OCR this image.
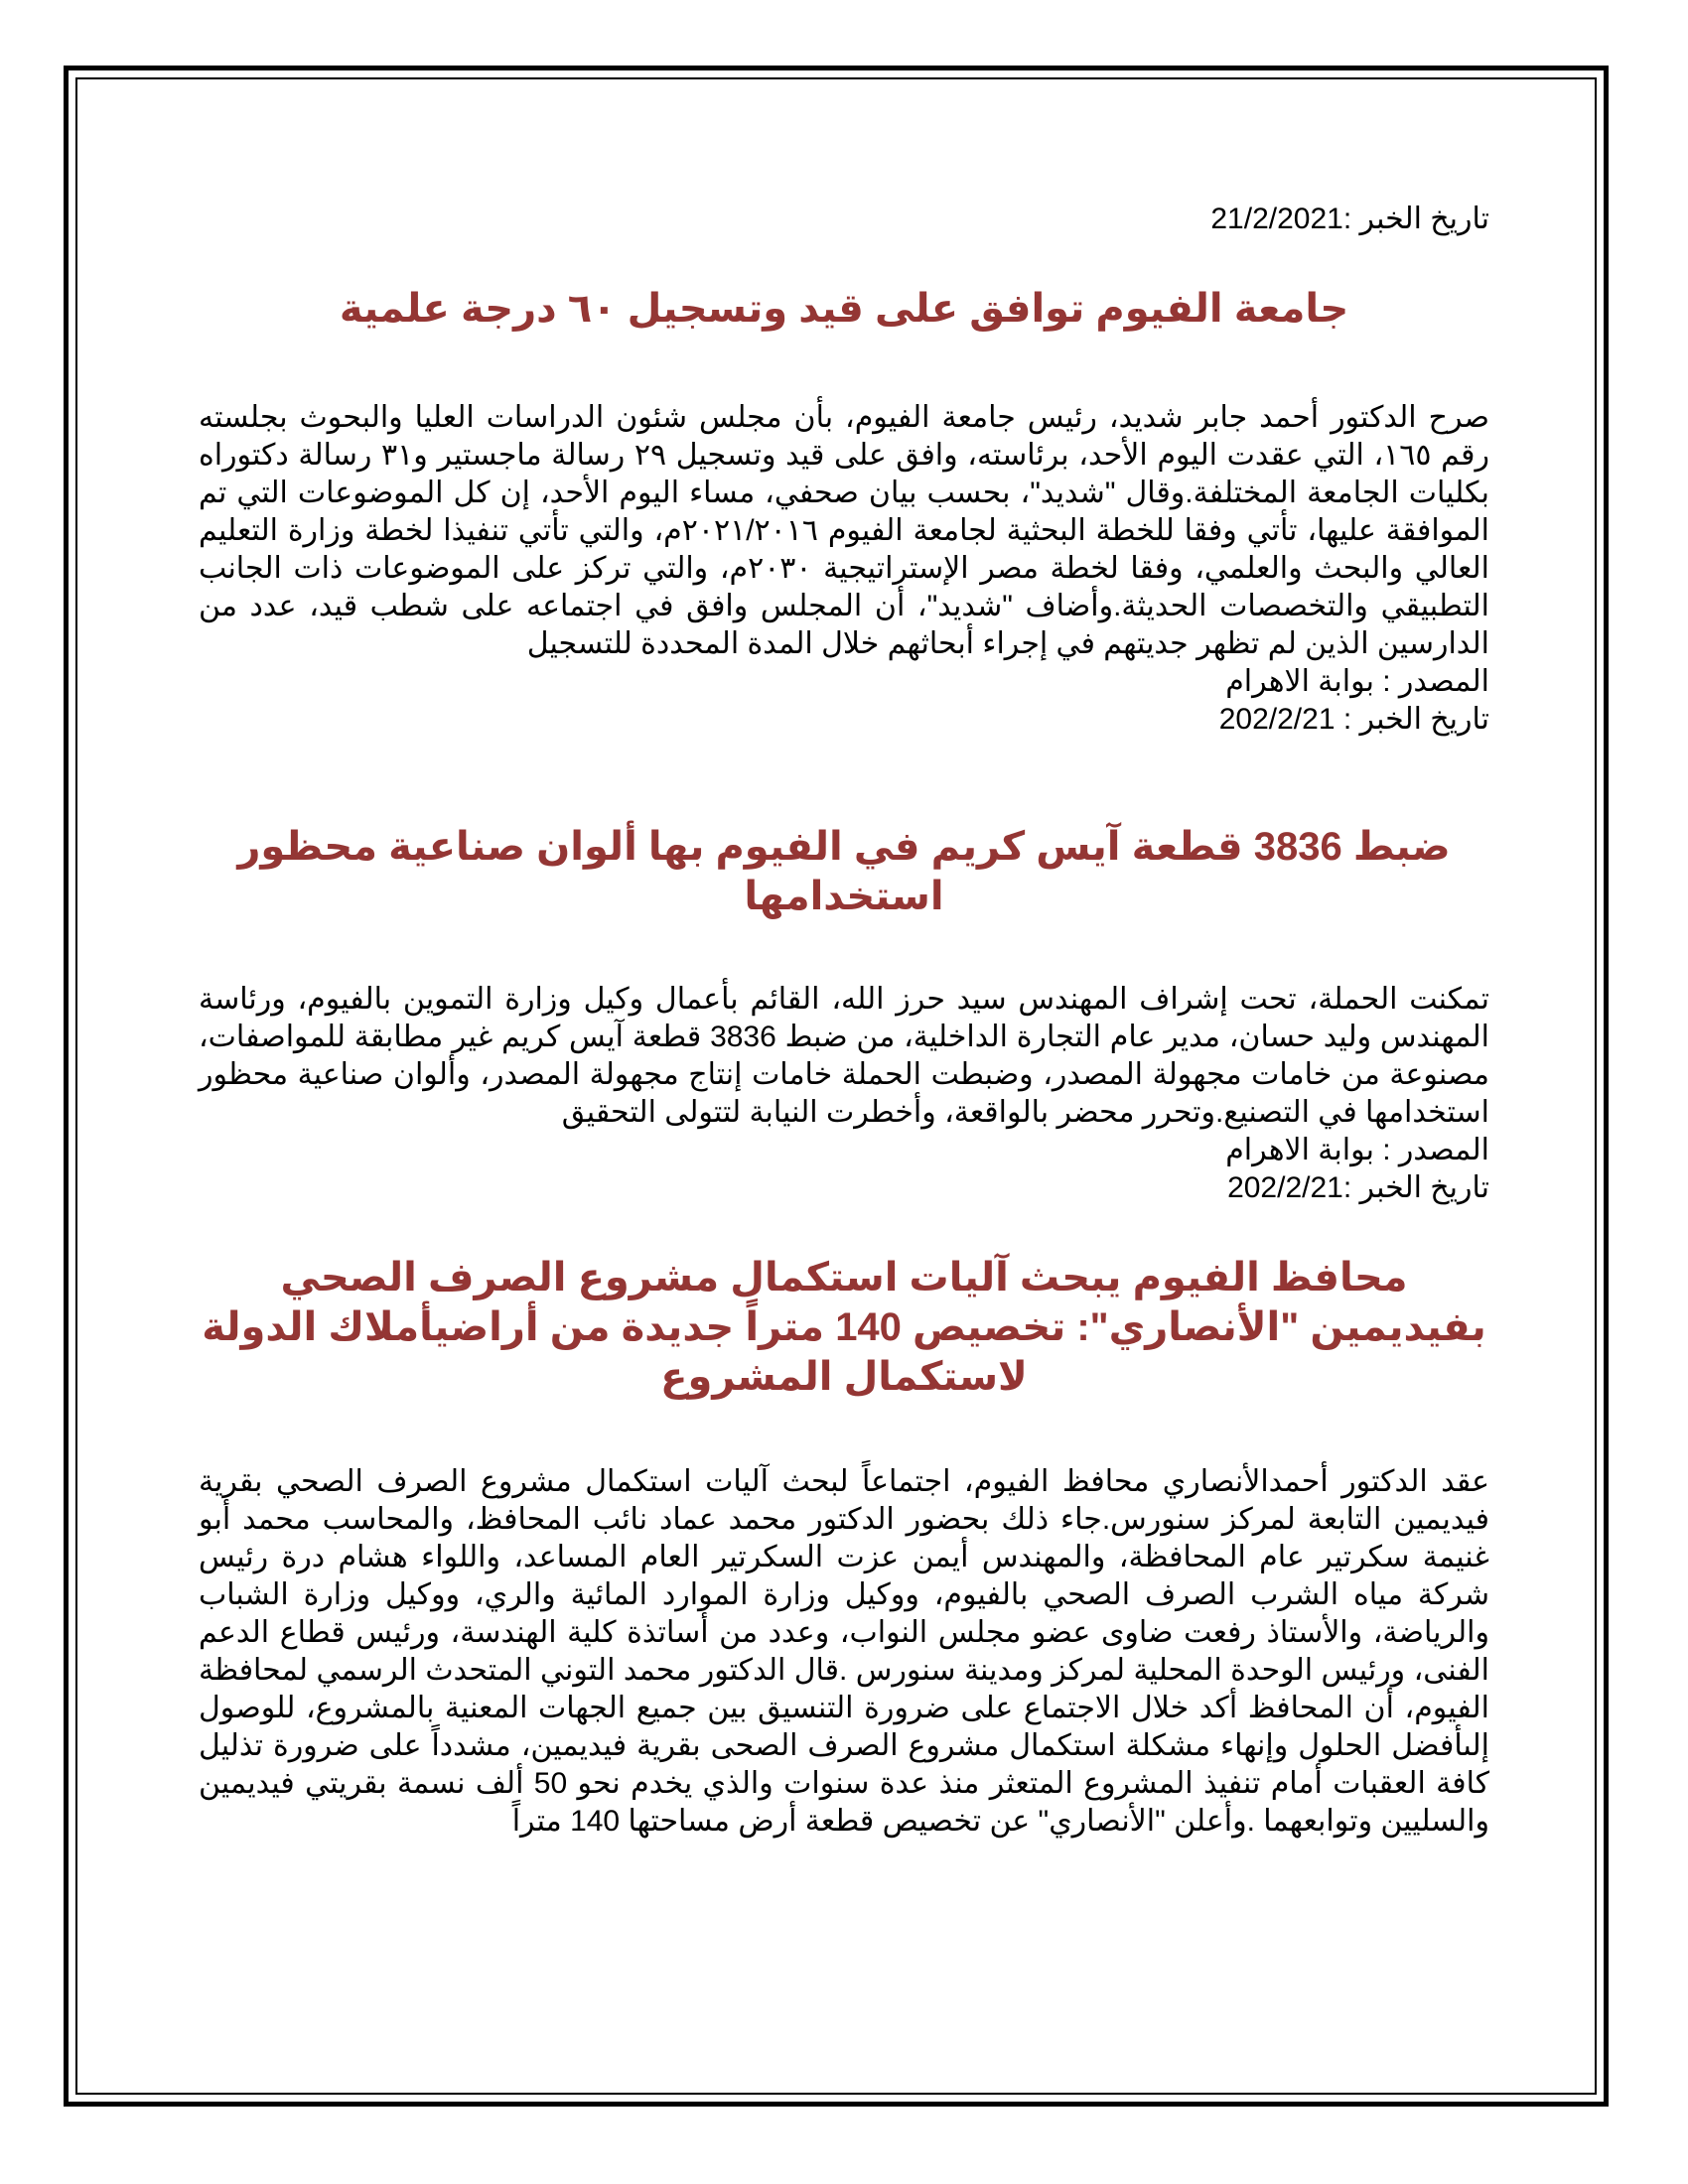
تاريخ الخبر :21/2/2021
جامعة الفيوم توافق على قيد وتسجيل ٦٠ درجة علمية
صرح الدكتور أحمد جابر شديد، رئيس جامعة الفيوم، بأن مجلس شئون الدراسات العليا والبحوث بجلسته رقم ١٦٥، التي عقدت اليوم الأحد، برئاسته، وافق على قيد وتسجيل ٢٩ رسالة ماجستير و٣١ رسالة دكتوراه بكليات الجامعة المختلفة.وقال "شديد"، بحسب بيان صحفي، مساء اليوم الأحد، إن كل الموضوعات التي تم الموافقة عليها، تأتي وفقا للخطة البحثية لجامعة الفيوم ٢٠٢١/٢٠١٦م، والتي تأتي تنفيذا لخطة وزارة التعليم العالي والبحث والعلمي، وفقا لخطة مصر الإستراتيجية ٢٠٣٠م، والتي تركز على الموضوعات ذات الجانب التطبيقي والتخصصات الحديثة.وأضاف "شديد"، أن المجلس وافق في اجتماعه على شطب قيد، عدد من الدارسين الذين لم تظهر جديتهم في إجراء أبحاثهم خلال المدة المحددة للتسجيل
المصدر : بوابة الاهرام
تاريخ الخبر : 202/2/21
ضبط 3836 قطعة آيس كريم في الفيوم بها ألوان صناعية محظور استخدامها
تمكنت الحملة، تحت إشراف المهندس سيد حرز الله، القائم بأعمال وكيل وزارة التموين بالفيوم، ورئاسة المهندس وليد حسان، مدير عام التجارة الداخلية، من ضبط 3836 قطعة آيس كريم غير مطابقة للمواصفات، مصنوعة من خامات مجهولة المصدر، وضبطت الحملة خامات إنتاج مجهولة المصدر، وألوان صناعية محظور استخدامها في التصنيع.وتحرر محضر بالواقعة، وأخطرت النيابة لتتولى التحقيق
المصدر : بوابة الاهرام
تاريخ الخبر :202/2/21
محافظ الفيوم يبحث آليات استكمال مشروع الصرف الصحي بفيديمين "الأنصاري": تخصيص 140 متراً جديدة من أراضيأملاك الدولة لاستكمال المشروع
عقد الدكتور أحمدالأنصاري محافظ الفيوم، اجتماعاً لبحث آليات استكمال مشروع الصرف الصحي بقرية فيديمين التابعة لمركز سنورس.جاء ذلك بحضور الدكتور محمد عماد نائب المحافظ، والمحاسب محمد أبو غنيمة سكرتير عام المحافظة، والمهندس أيمن عزت السكرتير العام المساعد، واللواء هشام درة رئيس شركة مياه الشرب الصرف الصحي بالفيوم، ووكيل وزارة الموارد المائية والري، ووكيل وزارة الشباب والرياضة، والأستاذ رفعت ضاوى عضو مجلس النواب، وعدد من أساتذة كلية الهندسة، ورئيس قطاع الدعم الفنى، ورئيس الوحدة المحلية لمركز ومدينة سنورس .قال الدكتور محمد التوني المتحدث الرسمي لمحافظة الفيوم، أن المحافظ أكد خلال الاجتماع على ضرورة التنسيق بين جميع الجهات المعنية بالمشروع، للوصول إلىأفضل الحلول وإنهاء مشكلة استكمال مشروع الصرف الصحى بقرية فيديمين، مشدداً على ضرورة تذليل كافة العقبات أمام تنفيذ المشروع المتعثر منذ عدة سنوات والذي يخدم نحو 50 ألف نسمة بقريتي فيديمين والسليين وتوابعهما .وأعلن "الأنصاري" عن تخصيص قطعة أرض مساحتها 140 متراً
